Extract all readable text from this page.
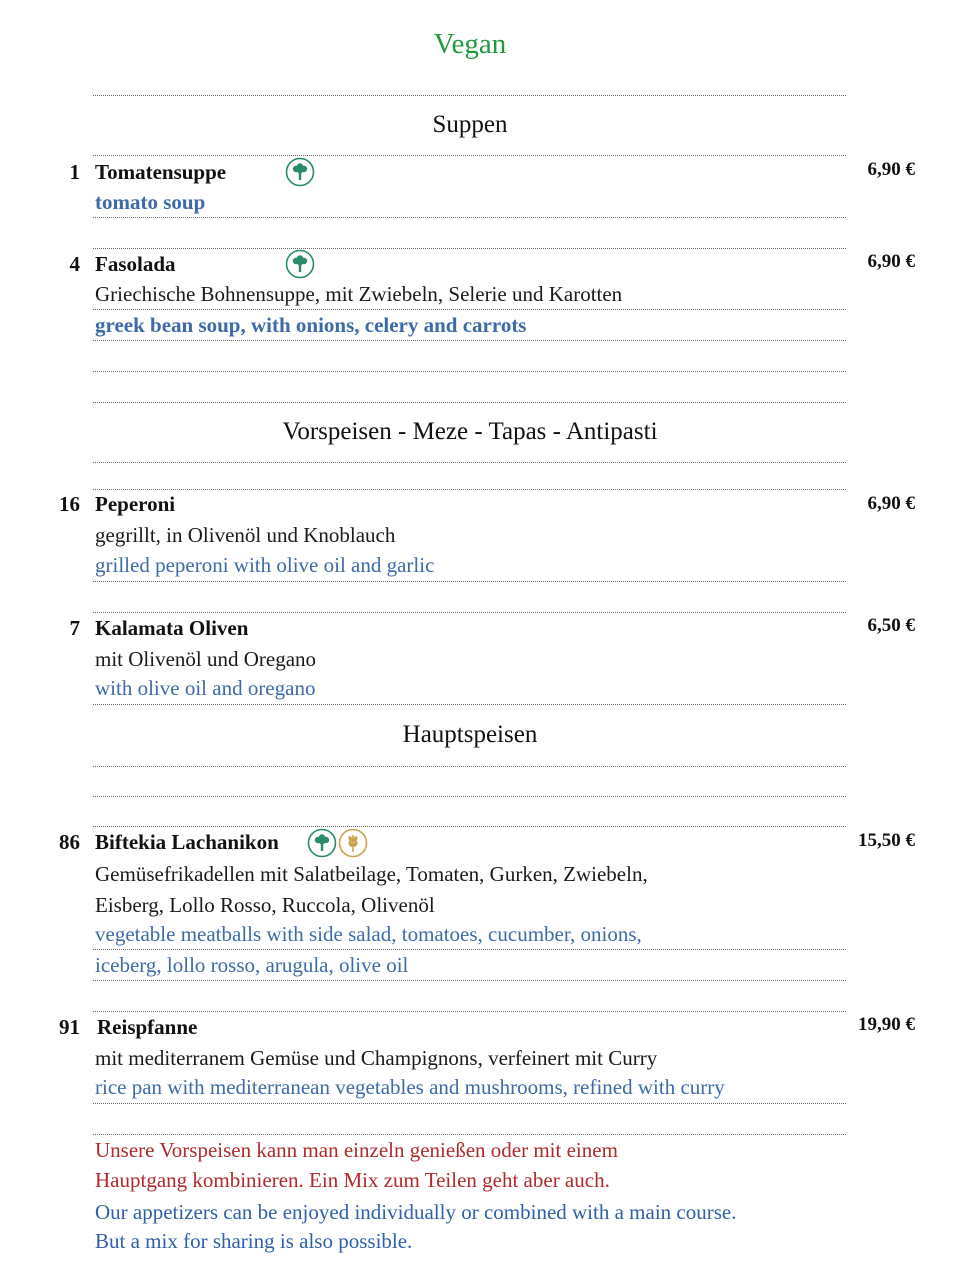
Vegan
Suppen
1 Tomatensuppe	6,90 €
tomato soup
4 Fasolada	6,90 €
Griechische Bohnensuppe, mit Zwiebeln, Selerie und Karotten
greek bean soup, with onions, celery and carrots
Vorspeisen - Meze - Tapas - Antipasti
16 Peperoni	6,90 €
gegrillt, in Olivenöl und Knoblauch
grilled peperoni with olive oil and garlic
7 Kalamata Oliven	6,50 €
mit Olivenöl und Oregano
with olive oil and oregano
Hauptspeisen
86 Biftekia Lachanikon	15,50 €
Gemüsefrikadellen mit Salatbeilage, Tomaten, Gurken, Zwiebeln,
Eisberg, Lollo Rosso, Ruccola, Olivenöl
vegetable meatballs with side salad, tomatoes, cucumber, onions,
iceberg, lollo rosso, arugula, olive oil
91 Reispfanne	19,90 €
mit mediterranem Gemüse und Champignons, verfeinert mit Curry
rice pan with mediterranean vegetables and mushrooms, refined with curry
Unsere Vorspeisen kann man einzeln genießen oder mit einem
Hauptgang kombinieren. Ein Mix zum Teilen geht aber auch.
Our appetizers can be enjoyed individually or combined with a main course.
But a mix for sharing is also possible.
